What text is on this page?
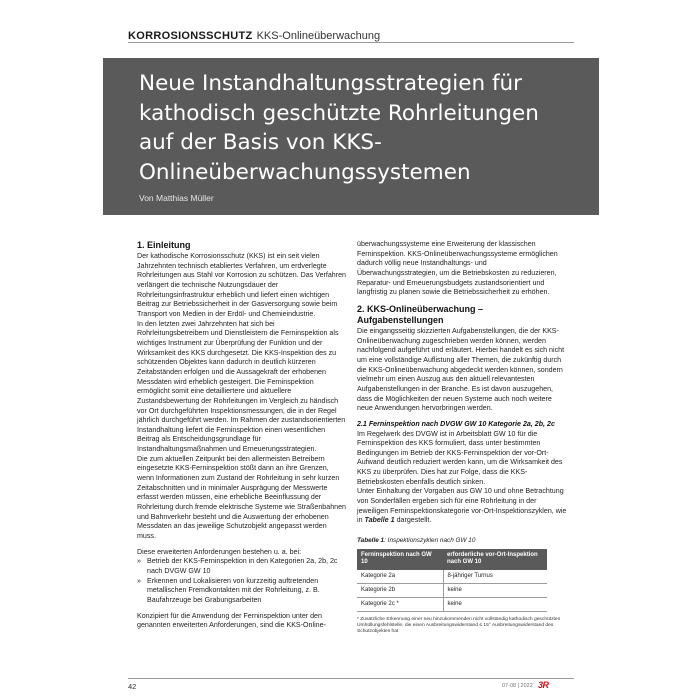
KORROSIONSSCHUTZ KKS-Onlineüberwachung
Neue Instandhaltungsstrategien für kathodisch geschützte Rohrleitungen auf der Basis von KKS-Onlineüberwachungssystemen
Von Matthias Müller
1. Einleitung

Der kathodische Korrosionsschutz (KKS) ist ein seit vielen Jahrzehnten technisch etabliertes Verfahren, um erdverlegte Rohrleitungen aus Stahl vor Korrosion zu schützen. Das Verfahren verlängert die technische Nutzungsdauer der Rohrleitungsinfrastruktur erheblich und liefert einen wichtigen Beitrag zur Betriebssicherheit in der Gasversorgung sowie beim Transport von Medien in der Erdöl- und Chemieindustrie.

In den letzten zwei Jahrzehnten hat sich bei Rohrleitungsbetreibern und Dienstleistern die Ferninspektion als wichtiges Instrument zur Überprüfung der Funktion und der Wirksamkeit des KKS durchgesetzt. Die KKS-Inspektion des zu schützenden Objektes kann dadurch in deutlich kürzeren Zeitabständen erfolgen und die Aussagekraft der erhobenen Messdaten wird erheblich gesteigert. Die Ferninspektion ermöglicht somit eine detailliertere und aktuellere Zustandsbewertung der Rohrleitungen im Vergleich zu händisch vor Ort durchgeführten Inspektionsmessungen, die in der Regel jährlich durchgeführt werden. Im Rahmen der zustandsorientierten Instandhaltung liefert die Ferninspektion einen wesentlichen Beitrag als Entscheidungsgrundlage für Instandhaltungsmaßnahmen und Erneuerungsstrategien.

Die zum aktuellen Zeitpunkt bei den allermeisten Betreibern eingesetzte KKS-Ferninspektion stößt dann an ihre Grenzen, wenn Informationen zum Zustand der Rohrleitung in sehr kurzen Zeitabschnitten und in minimaler Ausprägung der Messwerte erfasst werden müssen, eine erhebliche Beeinflussung der Rohrleitung durch fremde elektrische Systeme wie Straßenbahnen und Bahnverkehr besteht und die Auswertung der erhobenen Messdaten an das jeweilige Schutzobjekt angepasst werden muss.

Diese erweiterten Anforderungen bestehen u. a. bei:

» Betrieb der KKS-Ferninspektion in den Kategorien 2a, 2b, 2c nach DVGW GW 10
» Erkennen und Lokalisieren von kurzzeitig auftretenden metallischen Fremdkontakten mit der Rohrleitung, z. B. Baufahrzeuge bei Grabungsarbeiten

Konzipiert für die Anwendung der Ferninspektion unter den genannten erweiterten Anforderungen, sind die KKS-Online-

überwachungssysteme eine Erweiterung der klassischen Ferninspektion. KKS-Onlineüberwachungssysteme ermöglichen dadurch völlig neue Instandhaltungs- und Überwachungsstrategien, um die Betriebskosten zu reduzieren, Reparatur- und Erneuerungsbudgets zustandsorientiert und langfristig zu planen sowie die Betriebssicherheit zu erhöhen.

2. KKS-Onlineüberwachung – Aufgabenstellungen

Die eingangsseitig skizzierten Aufgabenstellungen, die der KKS-Onlineüberwachung zugeschrieben werden können, werden nachfolgend aufgeführt und erläutert. Hierbei handelt es sich nicht um eine vollständige Auflistung aller Themen, die zukünftig durch die KKS-Onlineüberwachung abgedeckt werden können, sondern vielmehr um einen Auszug aus den aktuell relevantesten Aufgabenstellungen in der Branche. Es ist davon auszugehen, dass die Möglichkeiten der neuen Systeme auch noch weitere neue Anwendungen hervorbringen werden.

2.1 Ferninspektion nach DVGW GW 10 Kategorie 2a, 2b, 2c

Im Regelwerk des DVGW ist in Arbeitsblatt GW 10 für die Ferninspektion des KKS formuliert, dass unter bestimmten Bedingungen im Betrieb der KKS-Ferninspektion der vor-Ort-Aufwand deutlich reduziert werden kann, um die Wirksamkeit des KKS zu überprüfen. Dies hat zur Folge, dass die KKS-Betriebskosten ebenfalls deutlich sinken.

Unter Einhaltung der Vorgaben aus GW 10 und ohne Betrachtung von Sonderfällen ergeben sich für eine Rohrleitung in der jeweiligen Ferninspektionskategorie vor-Ort-Inspektionszyklen, wie in Tabelle 1 dargestellt.

Tabelle 1: Inspektionszyklen nach GW 10
Ferninspektion nach GW 10	erforderliche vor-Ort-Inspektion nach GW 10
Kategorie 2a	8-jähriger Turnus
Kategorie 2b	keine
Kategorie 2c *	keine
* Zusätzliche Erkennung einer neu hinzukommenden nicht vollständig kathodisch geschützten Umhüllungsfehlstelle, die einen Ausbreitungswiderstand ≤ 15° Ausbreitungswiderstand des Schutzobjektes hat
42	07-08 | 2022 3R
